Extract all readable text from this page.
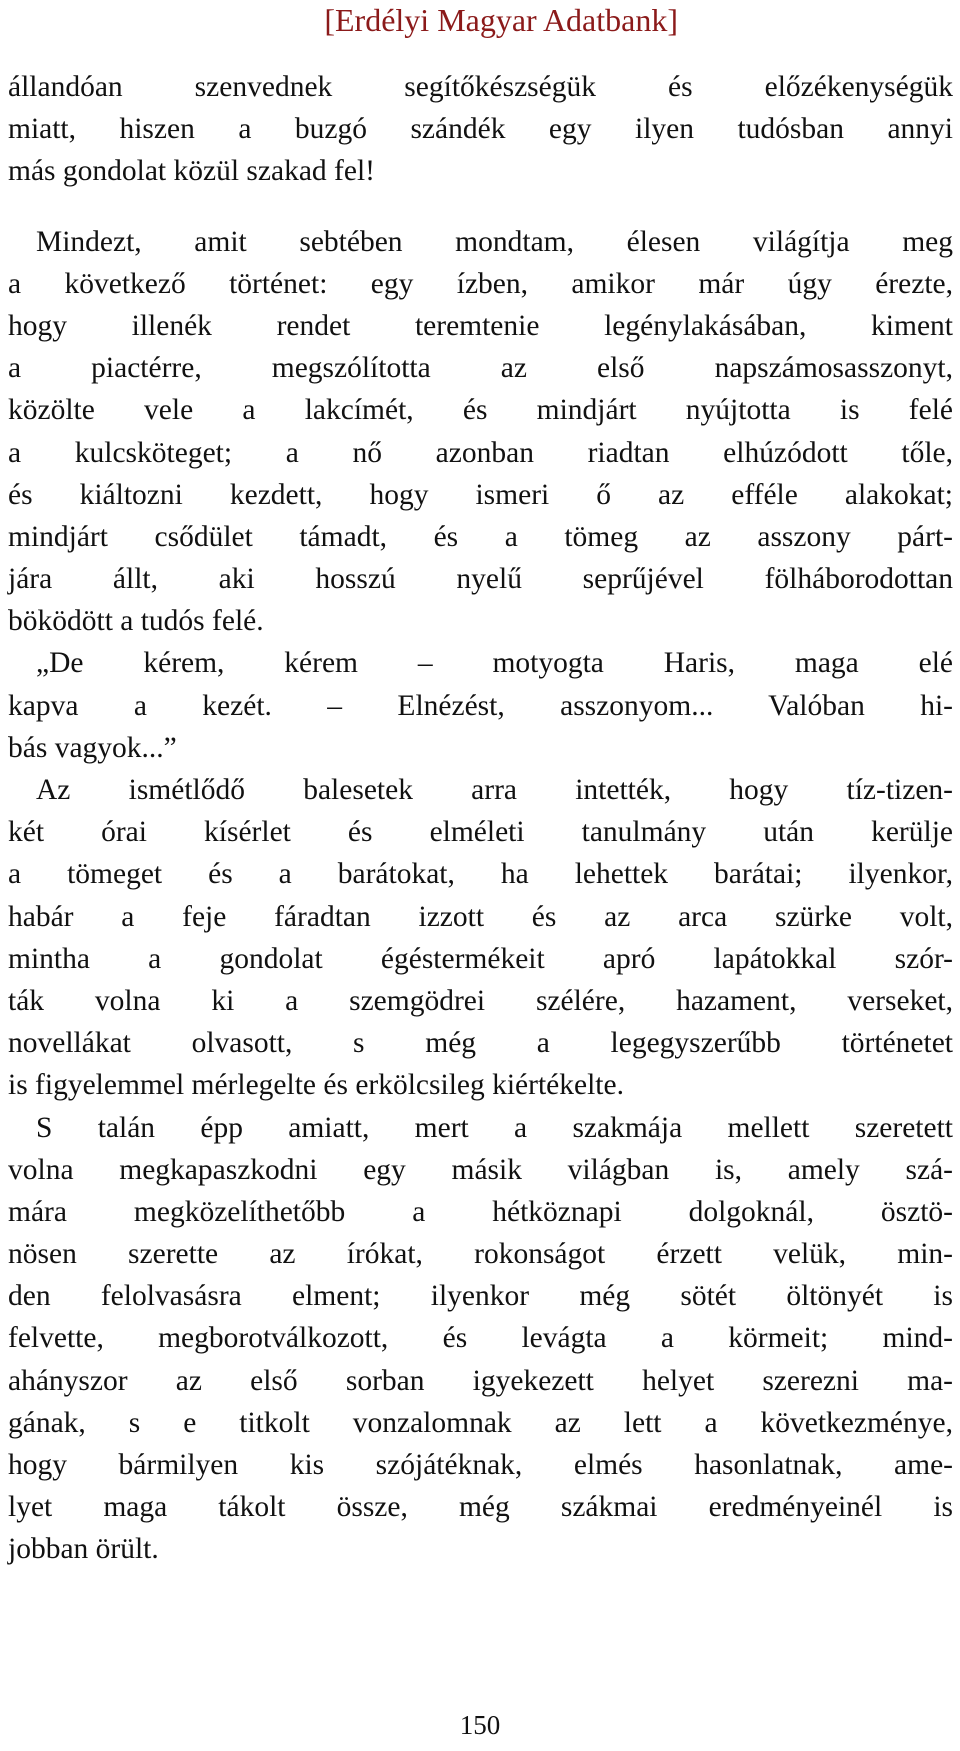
[Erdélyi Magyar Adatbank]
állandóan szenvednek segítőkészségük és előzékenységük
miatt, hiszen a buzgó szándék egy ilyen tudósban annyi
más gondolat közül szakad fel!
Mindezt, amit sebtében mondtam, élesen világítja meg
a következő történet: egy ízben, amikor már úgy érezte,
hogy illenék rendet teremtenie legénylakásában, kiment
a piactérre, megszólította az első napszámosasszonyt,
közölte vele a lakcímét, és mindjárt nyújtotta is felé
a kulcsköteget; a nő azonban riadtan elhúzódott tőle,
és kiáltozni kezdett, hogy ismeri ő az efféle alakokat;
mindjárt csődület támadt, és a tömeg az asszony párt-
jára állt, aki hosszú nyelű seprűjével fölháborodottan
böködött a tudós felé.
„De kérem, kérem – motyogta Haris, maga elé
kapva a kezét. – Elnézést, asszonyom... Valóban hi-
bás vagyok...”
Az ismétlődő balesetek arra intették, hogy tíz-tizen-
két órai kísérlet és elméleti tanulmány után kerülje
a tömeget és a barátokat, ha lehettek barátai; ilyenkor,
habár a feje fáradtan izzott és az arca szürke volt,
mintha a gondolat égéstermékeit apró lapátokkal szór-
ták volna ki a szemgödrei szélére, hazament, verseket,
novellákat olvasott, s még a legegyszerűbb történetet
is figyelemmel mérlegelte és erkölcsileg kiértékelte.
S talán épp amiatt, mert a szakmája mellett szeretett
volna megkapaszkodni egy másik világban is, amely szá-
mára megközelíthetőbb a hétköznapi dolgoknál, ösztö-
nösen szerette az írókat, rokonságot érzett velük, min-
den felolvasásra elment; ilyenkor még sötét öltönyét is
felvette, megborotválkozott, és levágta a körmeit; mind-
ahányszor az első sorban igyekezett helyet szerezni ma-
gának, s e titkolt vonzalomnak az lett a következménye,
hogy bármilyen kis szójátéknak, elmés hasonlatnak, ame-
lyet maga tákolt össze, még szákmai eredményeinél is
jobban örült.
150
